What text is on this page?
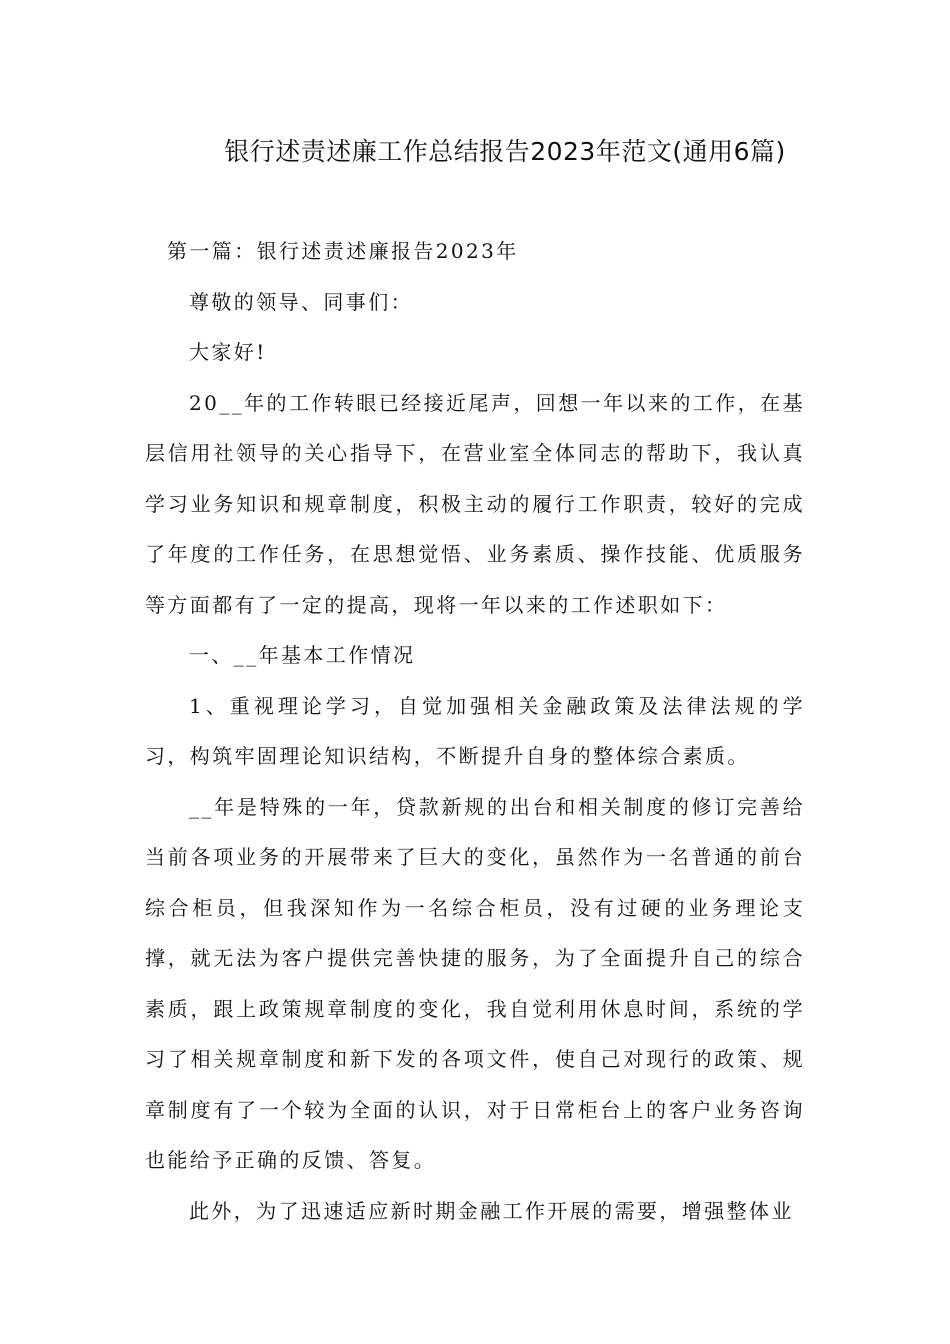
银行述责述廉工作总结报告2023年范文(通用6篇)

第一篇：银行述责述廉报告2023年

尊敬的领导、同事们：

大家好!

20__年的工作转眼已经接近尾声，回想一年以来的工作，在基层信用社领导的关心指导下，在营业室全体同志的帮助下，我认真学习业务知识和规章制度，积极主动的履行工作职责，较好的完成了年度的工作任务，在思想觉悟、业务素质、操作技能、优质服务等方面都有了一定的提高，现将一年以来的工作述职如下：

一、__年基本工作情况

1、重视理论学习，自觉加强相关金融政策及法律法规的学习，构筑牢固理论知识结构，不断提升自身的整体综合素质。

__年是特殊的一年，贷款新规的出台和相关制度的修订完善给当前各项业务的开展带来了巨大的变化，虽然作为一名普通的前台综合柜员，但我深知作为一名综合柜员，没有过硬的业务理论支撑，就无法为客户提供完善快捷的服务，为了全面提升自己的综合素质，跟上政策规章制度的变化，我自觉利用休息时间，系统的学习了相关规章制度和新下发的各项文件，使自己对现行的政策、规章制度有了一个较为全面的认识，对于日常柜台上的客户业务咨询也能给予正确的反馈、答复。

此外，为了迅速适应新时期金融工作开展的需要，增强整体业
